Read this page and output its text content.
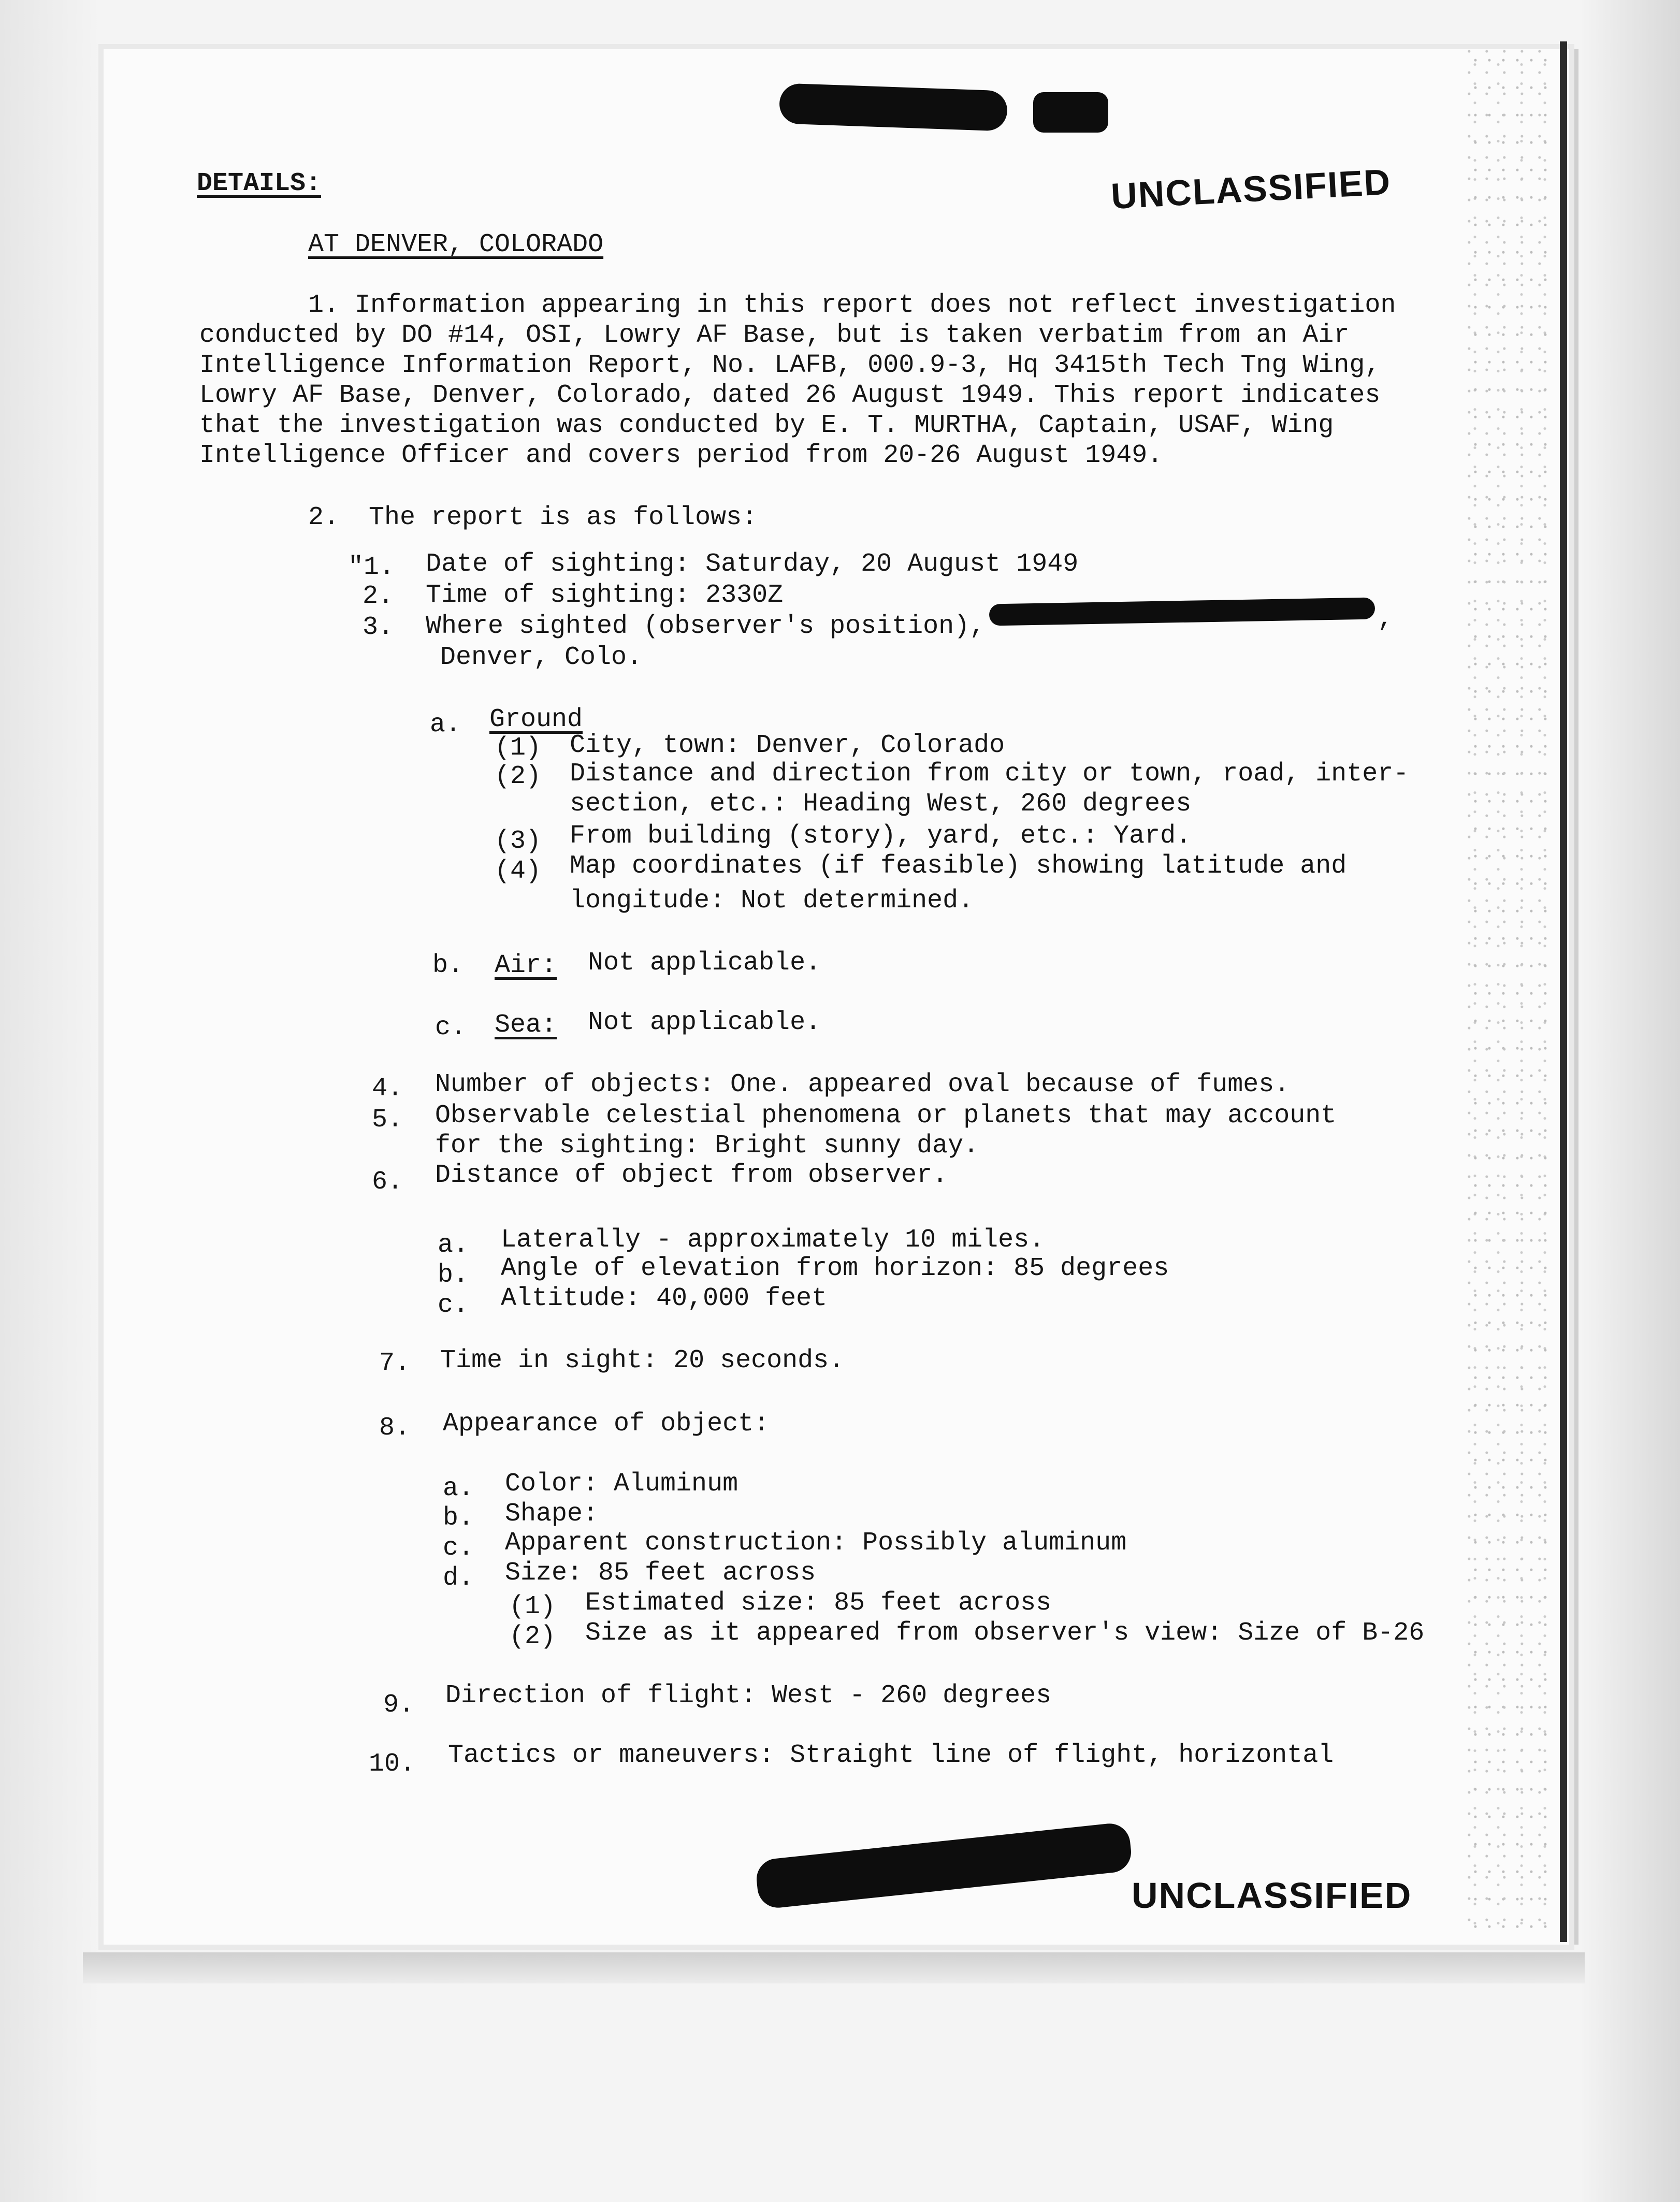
UNCLASSIFIED
UNCLASSIFIED
DETAILS:
AT DENVER, COLORADO
1. Information appearing in this report does not reflect investigation
conducted by DO #14, OSI, Lowry AF Base, but is taken verbatim from an Air
Intelligence Information Report, No. LAFB, 000.9-3, Hq 3415th Tech Tng Wing,
Lowry AF Base, Denver, Colorado, dated 26 August 1949. This report indicates
that the investigation was conducted by E. T. MURTHA, Captain, USAF, Wing
Intelligence Officer and covers period from 20-26 August 1949.
2. The report is as follows:
"1. Date of sighting: Saturday, 20 August 1949
2. Time of sighting: 2330Z
3. Where sighted (observer's position),	,
Denver, Colo.
a. Ground
(1) City, town: Denver, Colorado
(2) Distance and direction from city or town, road, inter-
section, etc.: Heading West, 260 degrees
(3) From building (story), yard, etc.: Yard.
(4) Map coordinates (if feasible) showing latitude and
longitude: Not determined.
b. Air: Not applicable.
c. Sea: Not applicable.
4. Number of objects: One. appeared oval because of fumes.
5. Observable celestial phenomena or planets that may account
for the sighting: Bright sunny day.
6. Distance of object from observer.
a. Laterally - approximately 10 miles.
b. Angle of elevation from horizon: 85 degrees
c. Altitude: 40,000 feet
7. Time in sight: 20 seconds.
8. Appearance of object:
a. Color: Aluminum
b. Shape:
c. Apparent construction: Possibly aluminum
d. Size: 85 feet across
(1) Estimated size: 85 feet across
(2) Size as it appeared from observer's view: Size of B-26
9. Direction of flight: West - 260 degrees
10. Tactics or maneuvers: Straight line of flight, horizontal
